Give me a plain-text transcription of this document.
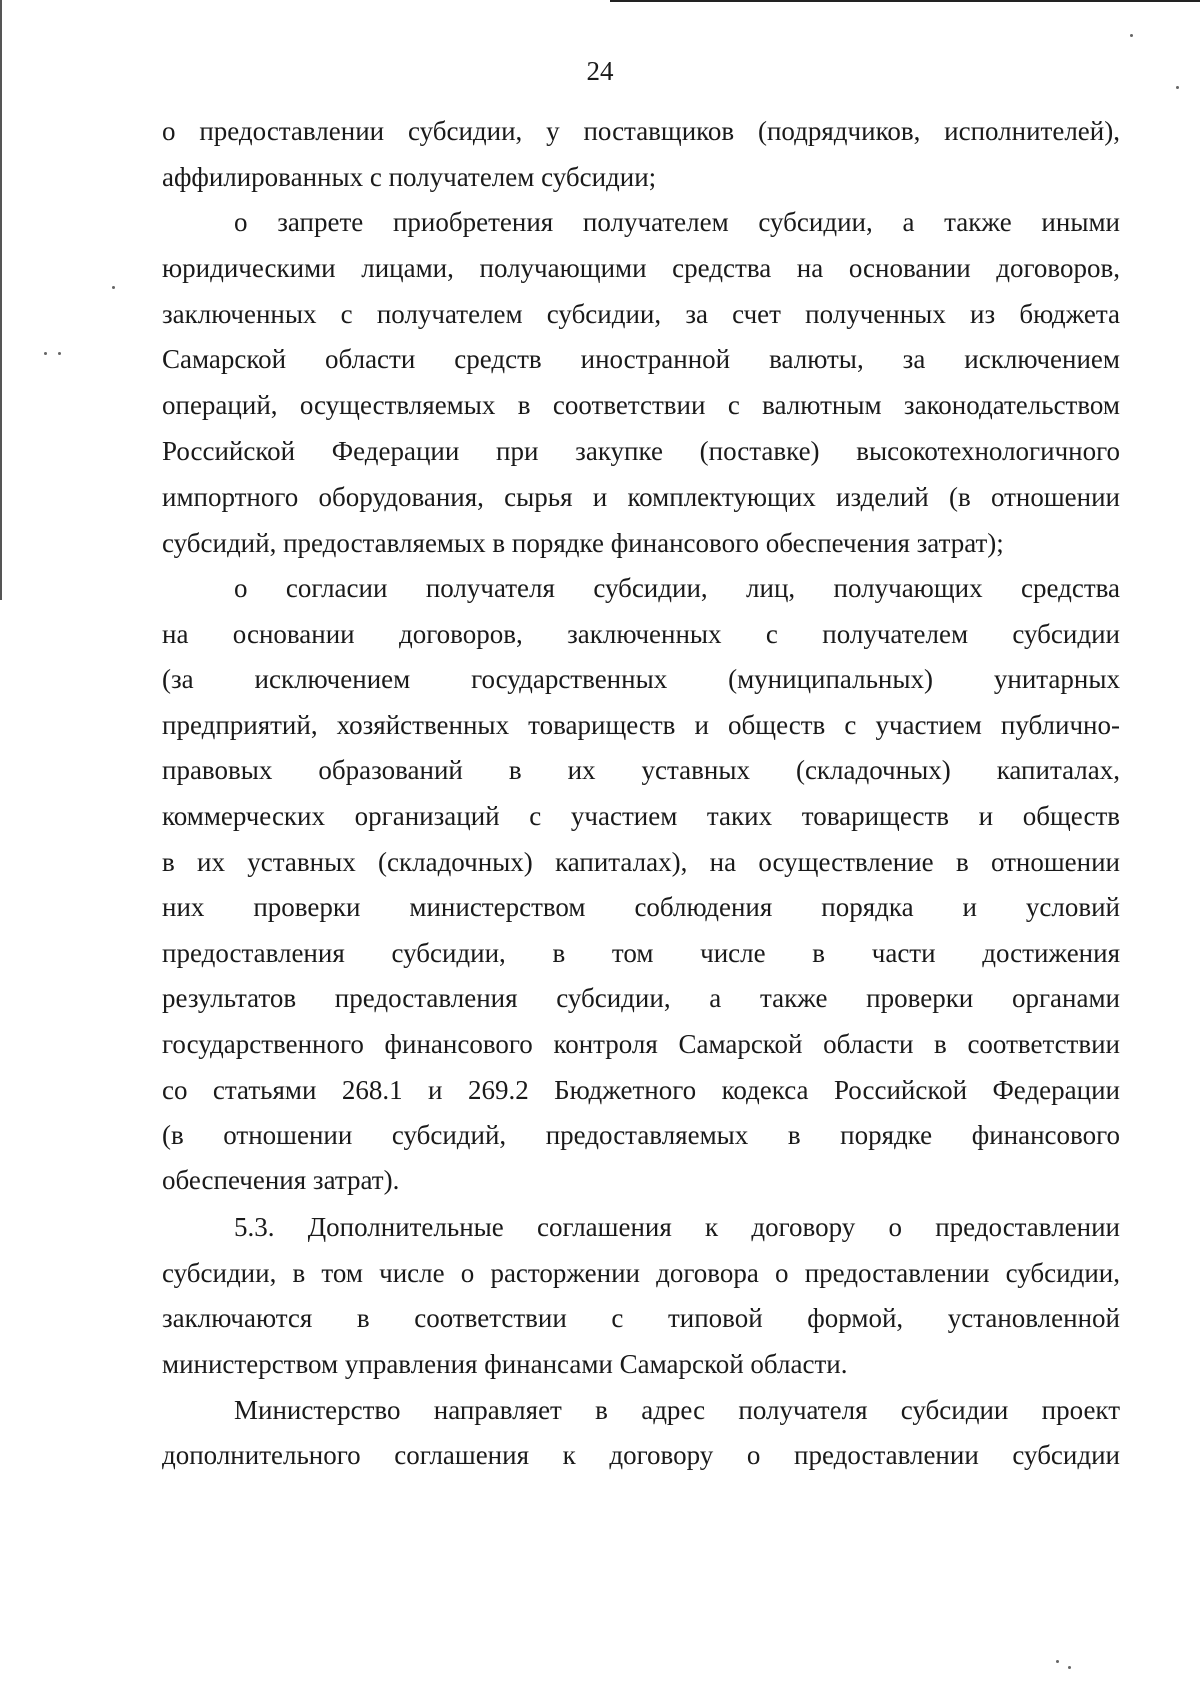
24
о предоставлении субсидии, у поставщиков (подрядчиков, исполнителей),
аффилированных с получателем субсидии;
о запрете приобретения получателем субсидии, а также иными
юридическими лицами, получающими средства на основании договоров,
заключенных с получателем субсидии, за счет полученных из бюджета
Самарской области средств иностранной валюты, за исключением
операций, осуществляемых в соответствии с валютным законодательством
Российской Федерации при закупке (поставке) высокотехнологичного
импортного оборудования, сырья и комплектующих изделий (в отношении
субсидий, предоставляемых в порядке финансового обеспечения затрат);
о согласии получателя субсидии, лиц, получающих средства
на основании договоров, заключенных с получателем субсидии
(за исключением государственных (муниципальных) унитарных
предприятий, хозяйственных товариществ и обществ с участием публично-
правовых образований в их уставных (складочных) капиталах,
коммерческих организаций с участием таких товариществ и обществ
в их уставных (складочных) капиталах), на осуществление в отношении
них проверки министерством соблюдения порядка и условий
предоставления субсидии, в том числе в части достижения
результатов предоставления субсидии, а также проверки органами
государственного финансового контроля Самарской области в соответствии
со статьями 268.1 и 269.2 Бюджетного кодекса Российской Федерации
(в отношении субсидий, предоставляемых в порядке финансового
обеспечения затрат).
5.3. Дополнительные соглашения к договору о предоставлении
субсидии, в том числе о расторжении договора о предоставлении субсидии,
заключаются в соответствии с типовой формой, установленной
министерством управления финансами Самарской области.
Министерство направляет в адрес получателя субсидии проект
дополнительного соглашения к договору о предоставлении субсидии
